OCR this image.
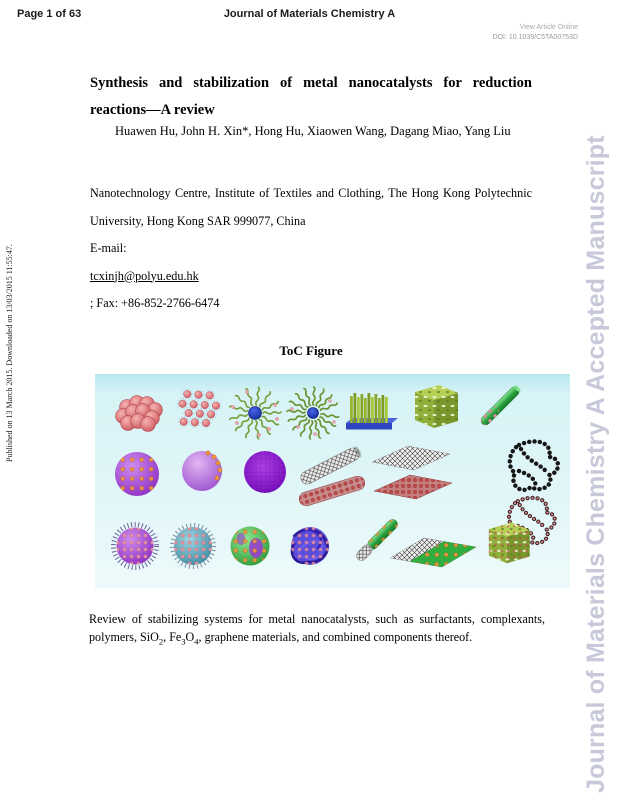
Page 1 of 63	Journal of Materials Chemistry A
View Article Online
DOI: 10.1039/C5TA00753D
Published on 13 March 2015. Downloaded on 13/03/2015 11:55:47.	Journal of Materials Chemistry A Accepted Manuscript
Synthesis and stabilization of metal nanocatalysts for reduction
reactions—A review
Huawen Hu, John H. Xin*, Hong Hu, Xiaowen Wang, Dagang Miao, Yang Liu
Nanotechnology Centre, Institute of Textiles and Clothing, The Hong Kong Polytechnic
University, Hong Kong SAR 999077, China
E-mail:
tcxinjh@polyu.edu.hk
; Fax: +86-852-2766-6474
ToC Figure

Review of stabilizing systems for metal nanocatalysts, such as surfactants, complexants, polymers, SiO$_2$, $Fe_3O_4$, graphene materials, and combined components thereof.
